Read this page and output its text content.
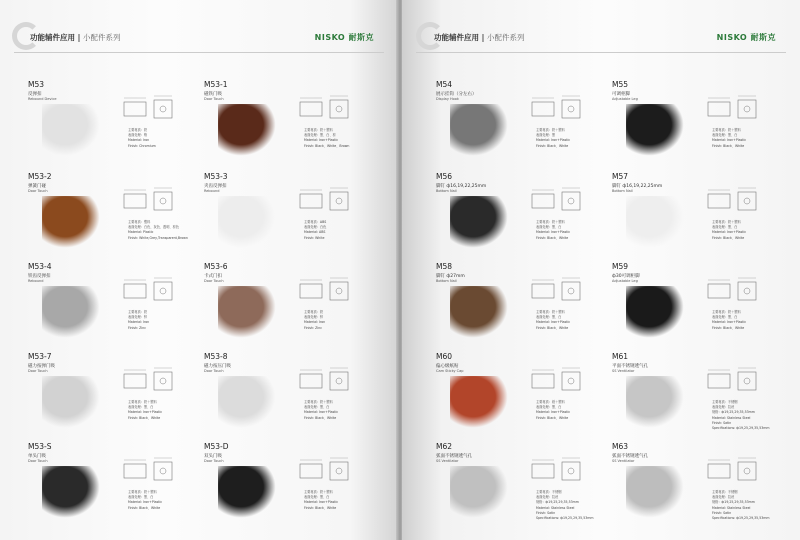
功能辅件应用 | 小配件系列	NISKO 耐斯克
M53
反弹扣
Rebound Device
主要材质：铁
表面处理：铬
Material: Iron
Finish: Chromium
M53-1
磁铁门吸
Door Touch
主要材质：铁＋塑料
表面处理：黑、白、棕
Material: Iron+Plastic
Finish: Black、White、Brown
M53-2
弹簧门碰
Door Touch
主要材质：塑料
表面处理：白色、灰色、透明、棕色
Material: Plastic
Finish: White,Grey,Transparent,Brown
M53-3
夹齿反弹扣
Rebound
主要材质：ABS
表面处理：白色
Material: ABS
Finish: White
M53-4
铁齿反弹扣
Rebound
主要材质：铁
表面处理：锌
Material: Iron
Finish: Zinc
M53-6
卡式门扣
Door Touch
主要材质：铁
表面处理：锌
Material: Iron
Finish: Zinc
M53-7
磁力按弹门吸
Door Touch
主要材质：铁＋塑料
表面处理：黑、白
Material: Iron+Plastic
Finish: Black、White
M53-8
磁力按压门吸
Door Touch
主要材质：铁＋塑料
表面处理：黑、白
Material: Iron+Plastic
Finish: Black、White
M53-S
单头门吸
Door Touch
主要材质：铁＋塑料
表面处理：黑、白
Material: Iron+Plastic
Finish: Black、White
M53-D
双头门吸
Door Touch
主要材质：铁＋塑料
表面处理：黑、白
Material: Iron+Plastic
Finish: Black、White
功能辅件应用 | 小配件系列	NISKO 耐斯克
M54
展示挂钩（分左右）
Display Hook
主要材质：铁＋塑料
表面处理：黑
Material: Iron+Plastic
Finish: Black、White
M55
可调柜脚
Adjustable Leg
主要材质：铁＋塑料
表面处理：黑、白
Material: Iron+Plastic
Finish: Black、White
M56
脚钉 ф16,19,22,25mm
Bottom Nail
主要材质：铁＋塑料
表面处理：黑、白
Material: Iron+Plastic
Finish: Black、White
M57
脚钉 ф16,19,22,25mm
Bottom Nail
主要材质：铁＋塑料
表面处理：黑、白
Material: Iron+Plastic
Finish: Black、White
M58
脚钉 ф27mm
Bottom Nail
主要材质：铁＋塑料
表面处理：黑、白
Material: Iron+Plastic
Finish: Black、White
M59
ф30可调柜脚
Adjustable Leg
主要材质：铁＋塑料
表面处理：黑、白
Material: Iron+Plastic
Finish: Black、White
M60
偏心级纸贴
Cam Sticky Cap
主要材质：纸＋塑料
表面处理：黑、白
Material: Iron+Plastic
Finish: Black、White
M61
平面不锈钢透气孔
SS Ventilator
主要材质：不锈钢
表面处理：拉丝
规格：ф19,25,29,35,53mm
Material: Stainless Steel
Finish: Satin
Specifications: ф19,25,29,35,53mm
M62
弧面不锈钢透气孔
SS Ventilator
主要材质：不锈钢
表面处理：拉丝
规格：ф19,25,29,35,53mm
Material: Stainless Steel
Finish: Satin
Specifications: ф19,25,29,35,53mm
M63
弧面不锈钢透气孔
SS Ventilator
主要材质：不锈钢
表面处理：拉丝
规格：ф19,25,29,35,53mm
Material: Stainless Steel
Finish: Satin
Specifications: ф19,25,29,35,53mm
